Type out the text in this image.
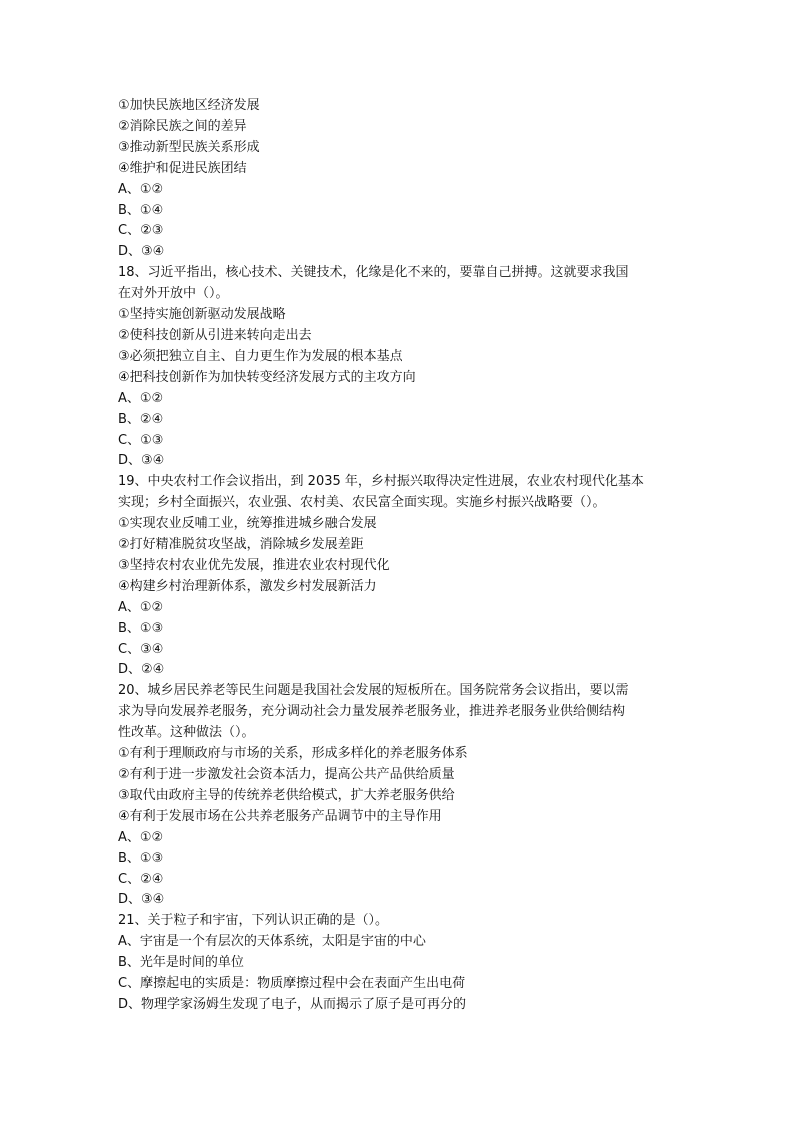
①加快民族地区经济发展
②消除民族之间的差异
③推动新型民族关系形成
④维护和促进民族团结
A、①②
B、①④
C、②③
D、③④
18、习近平指出，核心技术、关键技术，化缘是化不来的，要靠自己拼搏。这就要求我国
在对外开放中（）。
①坚持实施创新驱动发展战略
②使科技创新从引进来转向走出去
③必须把独立自主、自力更生作为发展的根本基点
④把科技创新作为加快转变经济发展方式的主攻方向
A、①②
B、②④
C、①③
D、③④
19、中央农村工作会议指出，到 2035 年，乡村振兴取得决定性进展，农业农村现代化基本
实现；乡村全面振兴，农业强、农村美、农民富全面实现。实施乡村振兴战略要（）。
①实现农业反哺工业，统筹推进城乡融合发展
②打好精准脱贫攻坚战，消除城乡发展差距
③坚持农村农业优先发展，推进农业农村现代化
④构建乡村治理新体系，激发乡村发展新活力
A、①②
B、①③
C、③④
D、②④
20、城乡居民养老等民生问题是我国社会发展的短板所在。国务院常务会议指出，要以需
求为导向发展养老服务，充分调动社会力量发展养老服务业，推进养老服务业供给侧结构
性改革。这种做法（）。
①有利于理顺政府与市场的关系，形成多样化的养老服务体系
②有利于进一步激发社会资本活力，提高公共产品供给质量
③取代由政府主导的传统养老供给模式，扩大养老服务供给
④有利于发展市场在公共养老服务产品调节中的主导作用
A、①②
B、①③
C、②④
D、③④
21、关于粒子和宇宙，下列认识正确的是（）。
A、宇宙是一个有层次的天体系统，太阳是宇宙的中心
B、光年是时间的单位
C、摩擦起电的实质是：物质摩擦过程中会在表面产生出电荷
D、物理学家汤姆生发现了电子，从而揭示了原子是可再分的
